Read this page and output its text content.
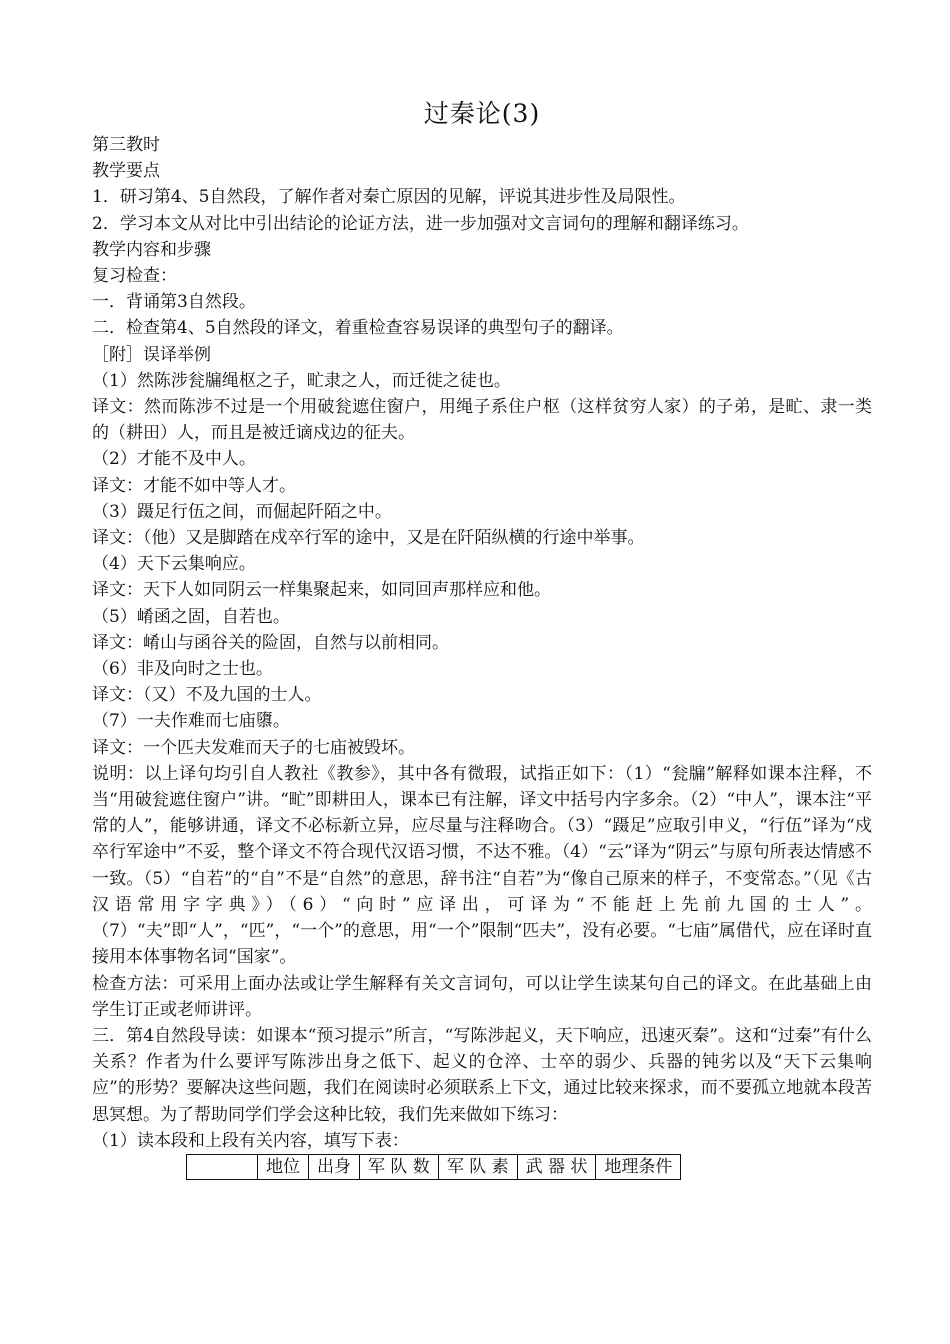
过秦论(3)

第三教时

教学要点

1．研习第4、5自然段，了解作者对秦亡原因的见解，评说其进步性及局限性。

2．学习本文从对比中引出结论的论证方法，进一步加强对文言词句的理解和翻译练习。

教学内容和步骤

复习检查：

一．背诵第3自然段。

二．检查第4、5自然段的译文，着重检查容易误译的典型句子的翻译。

［附］误译举例

（1）然陈涉瓮牖绳枢之子，甿隶之人，而迁徙之徒也。

译文：然而陈涉不过是一个用破瓮遮住窗户，用绳子系住户枢（这样贫穷人家）的子弟，是甿、隶一类的（耕田）人，而且是被迁谪戍边的征夫。

（2）才能不及中人。

译文：才能不如中等人才。

（3）蹑足行伍之间，而倔起阡陌之中。

译文：（他）又是脚踏在戍卒行军的途中，又是在阡陌纵横的行途中举事。

（4）天下云集响应。

译文：天下人如同阴云一样集聚起来，如同回声那样应和他。

（5）崤函之固，自若也。

译文：崤山与函谷关的险固，自然与以前相同。

（6）非及向时之士也。

译文：（又）不及九国的士人。

（7）一夫作难而七庙隳。

译文：一个匹夫发难而天子的七庙被毁坏。

说明：以上译句均引自人教社《教参》，其中各有微瑕，试指正如下：（1）“瓮牖”解释如课本注释，不当“用破瓮遮住窗户”讲。“甿”即耕田人，课本已有注解，译文中括号内字多余。（2）“中人”，课本注“平常的人”，能够讲通，译文不必标新立异，应尽量与注释吻合。（3）“蹑足”应取引申义，“行伍”译为“戍卒行军途中”不妥，整个译文不符合现代汉语习惯，不达不雅。（4）“云”译为“阴云”与原句所表达情感不一致。（5）“自若”的“自”不是“自然”的意思，辞书注“自若”为“像自己原来的样子，不变常态。”（见《古汉语常用字字典》）（6）“向时”应译出，可译为“不能赶上先前九国的士人”。（7）“夫”即“人”，“匹”，“一个”的意思，用“一个”限制“匹夫”，没有必要。“七庙”属借代，应在译时直接用本体事物名词“国家”。

检查方法：可采用上面办法或让学生解释有关文言词句，可以让学生读某句自己的译文。在此基础上由学生订正或老师讲评。

三．第4自然段导读：如课本“预习提示”所言，“写陈涉起义，天下响应，迅速灭秦”。这和“过秦”有什么关系？作者为什么要评写陈涉出身之低下、起义的仓淬、士卒的弱少、兵器的钝劣以及“天下云集响应”的形势？要解决这些问题，我们在阅读时必须联系上下文，通过比较来探求，而不要孤立地就本段苦思冥想。为了帮助同学们学会这种比较，我们先来做如下练习：

（1）读本段和上段有关内容，填写下表：

	地位	出身	军 队 数	军 队 素	武 器 状	地理条件
